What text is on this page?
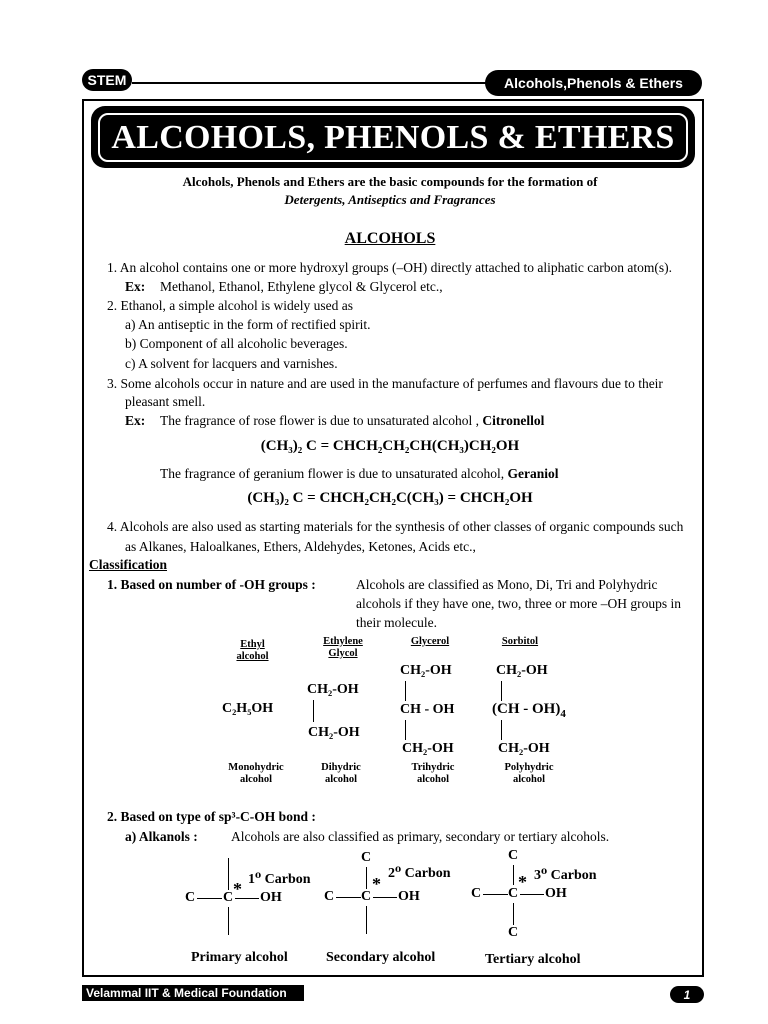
STEM	Alcohols,Phenols & Ethers
ALCOHOLS, PHENOLS & ETHERS
Alcohols, Phenols and Ethers are the basic compounds for the formation of
Detergents, Antiseptics and Fragrances
ALCOHOLS
1. An alcohol contains one or more hydroxyl groups (–OH) directly attached to aliphatic carbon atom(s).
Ex: Methanol, Ethanol, Ethylene glycol & Glycerol etc.,
2. Ethanol, a simple alcohol is widely used as
a) An antiseptic in the form of rectified spirit.
b) Component of all alcoholic beverages.
c) A solvent for lacquers and varnishes.
3. Some alcohols occur in nature and are used in the manufacture of perfumes and flavours due to their
pleasant smell.
Ex: The fragrance of rose flower is due to unsaturated alcohol , Citronellol
(CH₃)₂ C = CHCH₂CH₂CH(CH₃)CH₂OH
The fragrance of geranium flower is due to unsaturated alcohol, Geraniol
(CH₃)₂ C = CHCH₂CH₂C(CH₃) = CHCH₂OH
4. Alcohols are also used as starting materials for the synthesis of other classes of organic compounds such
as Alkanes, Haloalkanes, Ethers, Aldehydes, Ketones, Acids etc.,
Classification
1. Based on number of -OH groups :	Alcohols are classified as Mono, Di, Tri and Polyhydric
alcohols if they have one, two, three or more –OH groups in
their molecule.
Ethyl
alcohol
C₂H₅OH
Monohydric
alcohol
Ethylene
Glycol
CH₂-OH
CH₂-OH
Dihydric
alcohol
Glycerol
CH₂-OH
CH - OH
CH₂-OH
Trihydric
alcohol
Sorbitol
CH₂-OH
$(CH - OH)_4$
CH₂-OH
Polyhydric
alcohol
2. Based on type of sp³-C-OH bond :
a) Alkanols : Alcohols are also classified as primary, secondary or tertiary alcohols.
1⁰ Carbon
*
C C OH
Primary alcohol
C
2⁰ Carbon
*
C C OH
Secondary alcohol
C
3⁰ Carbon
*
C C OH
C
Tertiary alcohol
Velammal IIT & Medical Foundation	1
